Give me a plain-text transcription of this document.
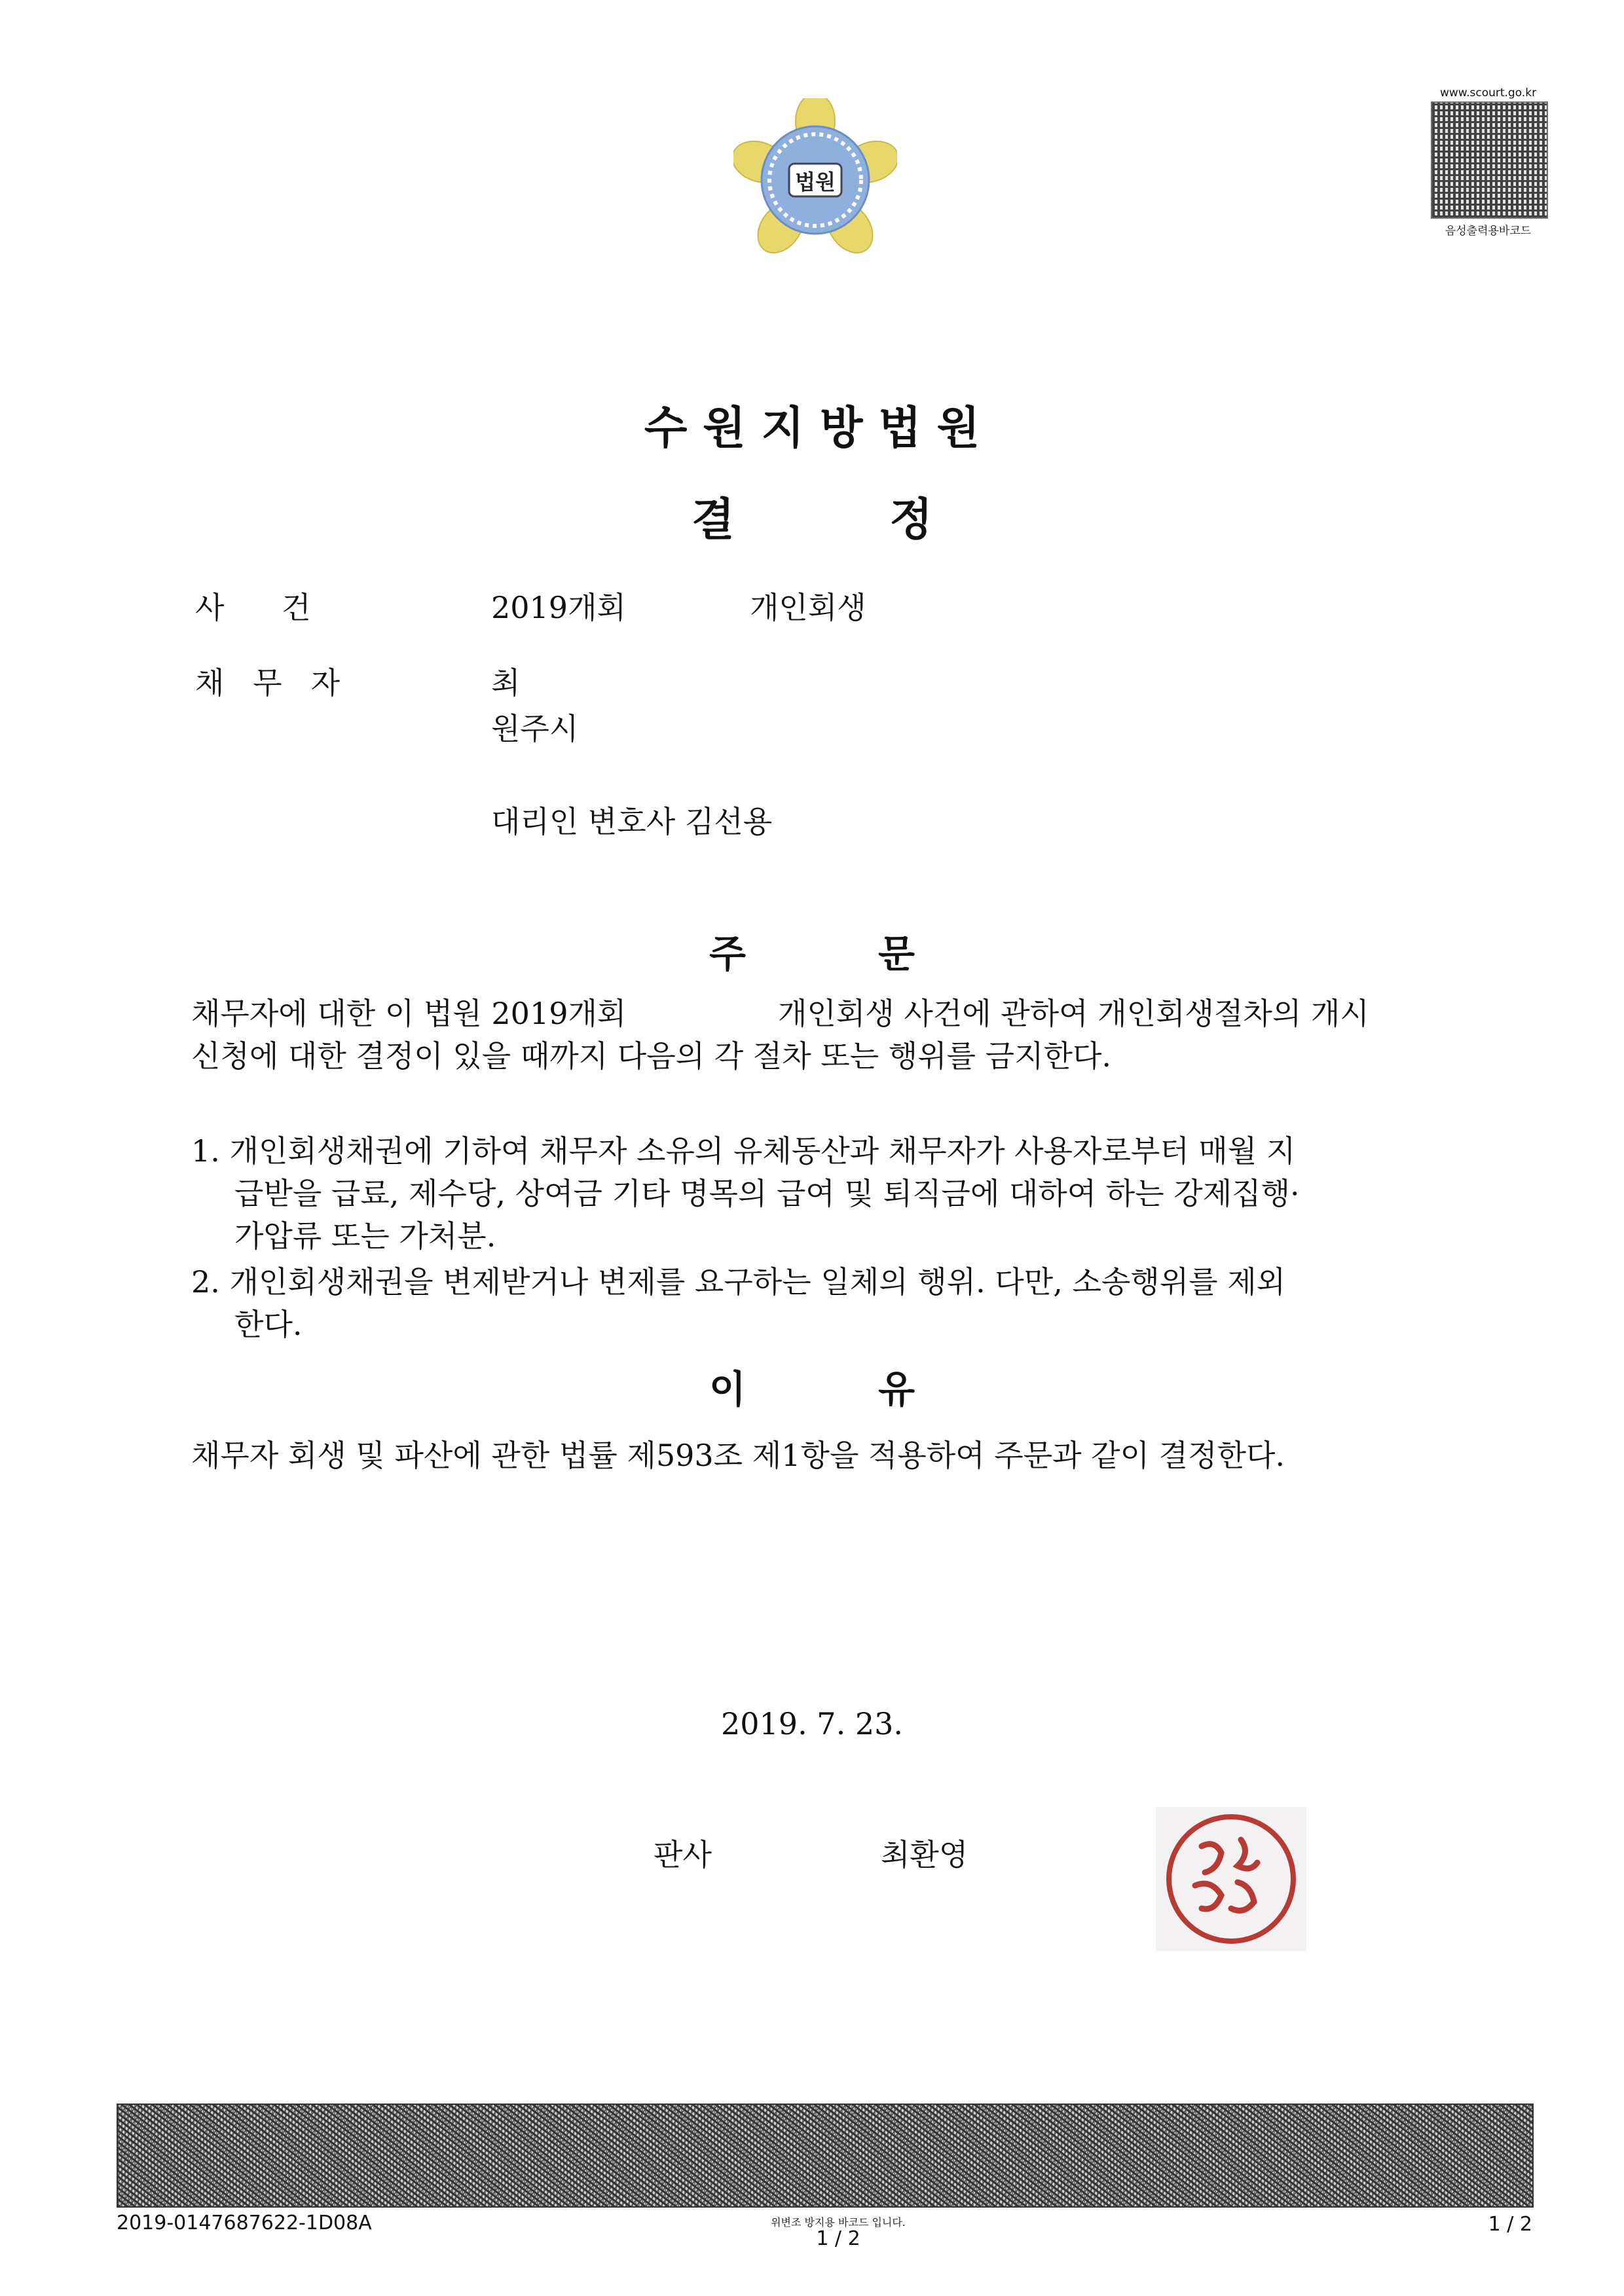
법원
www.scourt.go.kr
음성출력용바코드
수 원 지 방 법 원
결          정
사      건	2019개회	개인회생
채   무   자	최
원주시
대리인 변호사 김선용
주          문
채무자에 대한 이 법원 2019개회	개인회생 사건에 관하여 개인회생절차의 개시
신청에 대한 결정이 있을 때까지 다음의 각 절차 또는 행위를 금지한다.
1. 개인회생채권에 기하여 채무자 소유의 유체동산과 채무자가 사용자로부터 매월 지
급받을 급료, 제수당, 상여금 기타 명목의 급여 및 퇴직금에 대하여 하는 강제집행·
가압류 또는 가처분.
2. 개인회생채권을 변제받거나 변제를 요구하는 일체의 행위. 다만, 소송행위를 제외
한다.
이          유
채무자 회생 및 파산에 관한 법률 제593조 제1항을 적용하여 주문과 같이 결정한다.
2019. 7. 23.
판사	최환영
2019-0147687622-1D08A	위변조 방지용 바코드 입니다.
1 / 2
1 / 2
